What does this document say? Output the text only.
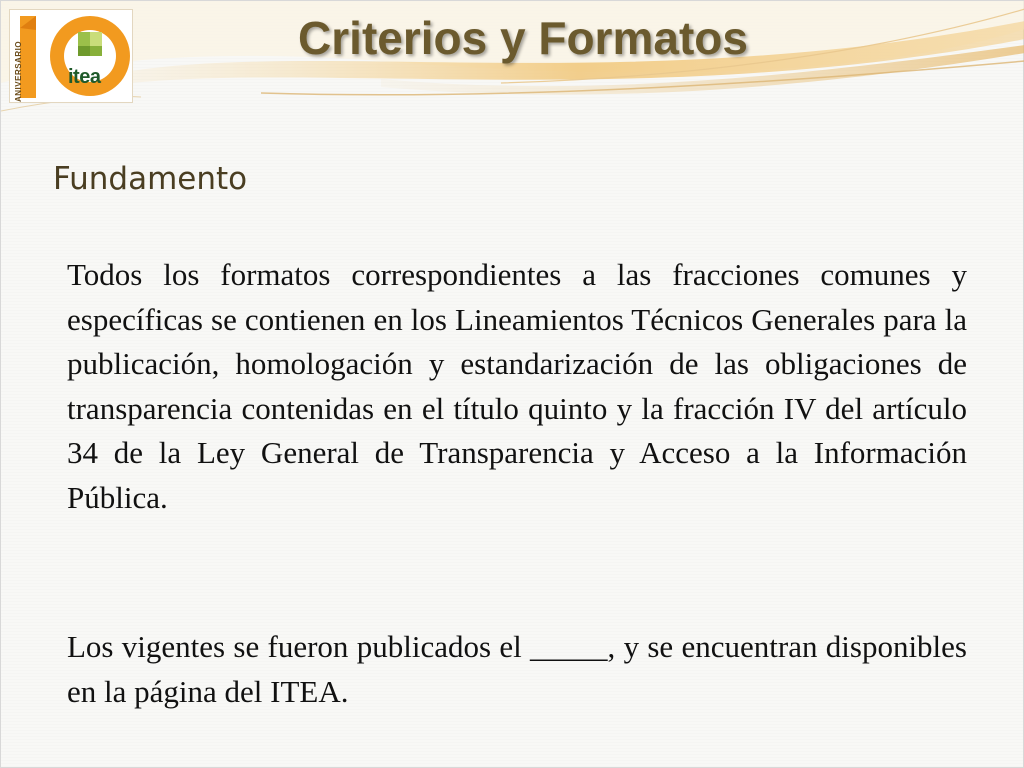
itea
ANIVERSARIO
Criterios y Formatos
Fundamento
Todos los formatos correspondientes a las fracciones comunes y específicas se contienen en los Lineamientos Técnicos Generales para la publicación, homologación y estandarización de las obligaciones de transparencia contenidas en el título quinto y la fracción IV del artículo 34 de la Ley General de Transparencia y Acceso a la Información Pública.
Los vigentes se fueron publicados el _____, y se encuentran disponibles en la página del ITEA.
